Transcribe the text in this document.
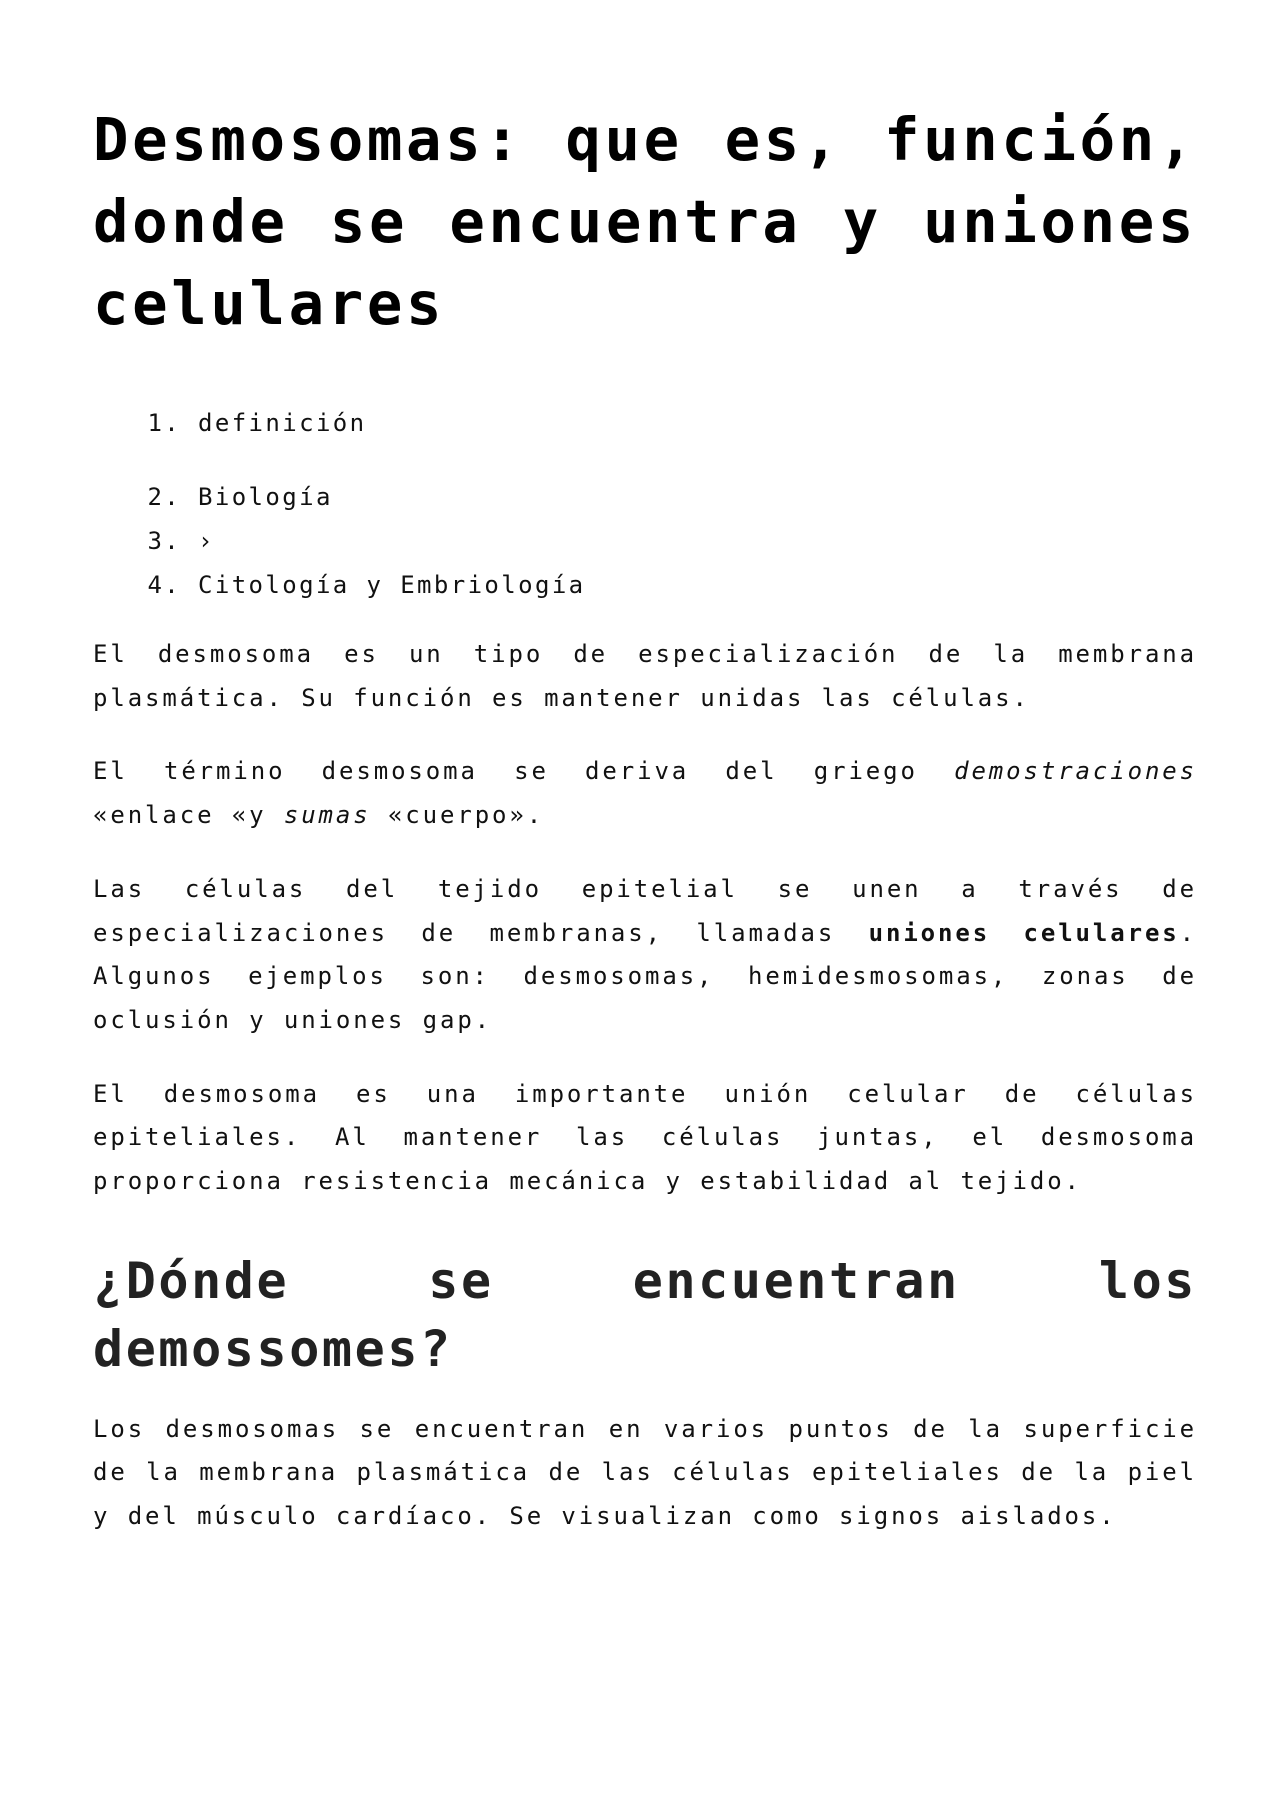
Desmosomas: que es, función, donde se encuentra y uniones celulares
1. definición
2. Biología
3. ›
4. Citología y Embriología

El desmosoma es un tipo de especialización de la membrana plasmática. Su función es mantener unidas las células.

El término desmosoma se deriva del griego demostraciones «enlace «y sumas «cuerpo».

Las células del tejido epitelial se unen a través de especializaciones de membranas, llamadas uniones celulares. Algunos ejemplos son: desmosomas, hemidesmosomas, zonas de oclusión y uniones gap.

El desmosoma es una importante unión celular de células epiteliales. Al mantener las células juntas, el desmosoma proporciona resistencia mecánica y estabilidad al tejido.

¿Dónde se encuentran los
demossomes?

Los desmosomas se encuentran en varios puntos de la superficie de la membrana plasmática de las células epiteliales de la piel y del músculo cardíaco. Se visualizan como signos aislados.
